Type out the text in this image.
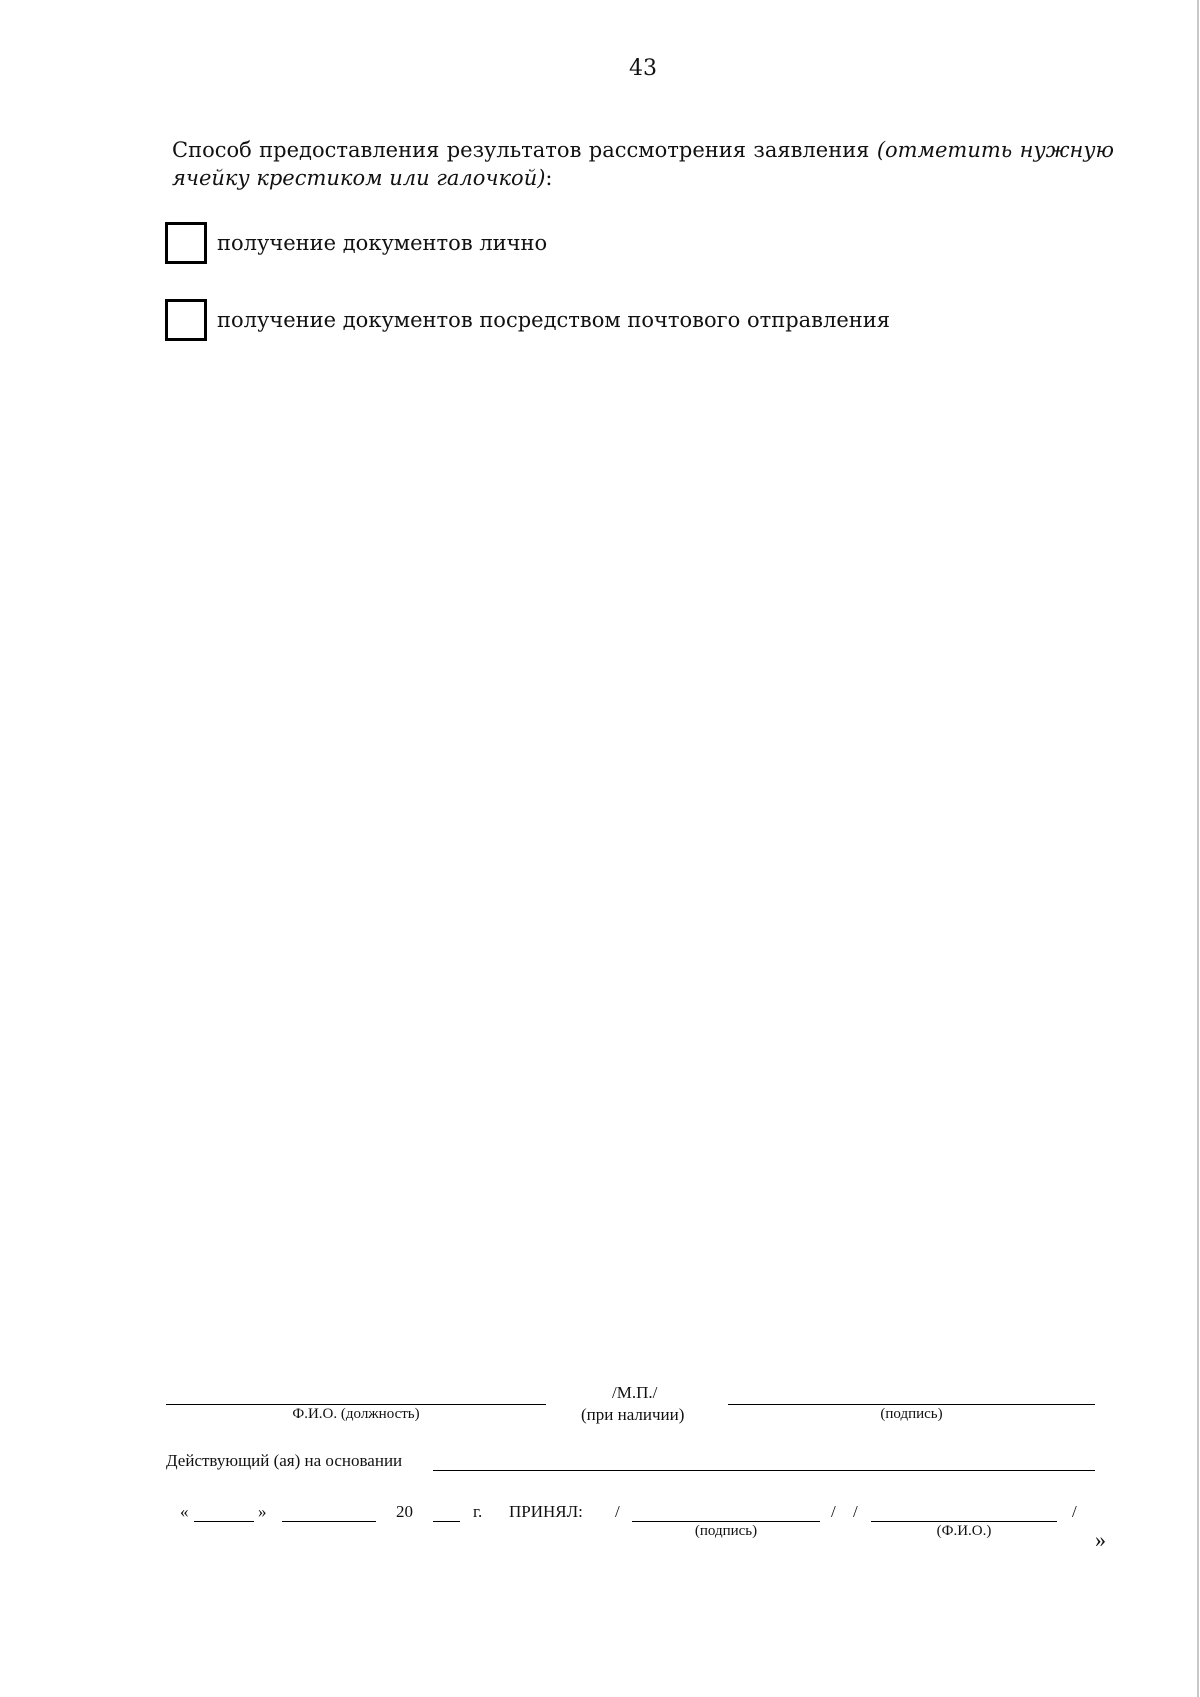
43
Способ предоставления результатов рассмотрения заявления (отметить нужную ячейку крестиком или галочкой):
получение документов лично
получение документов посредством почтового отправления
Ф.И.О. (должность)
/М.П./
(при наличии)	(подпись)
Действующий (ая) на основании
«	»	20	г. ПРИНЯЛ: /
(подпись)
/ /
(Ф.И.О.)
/
»
